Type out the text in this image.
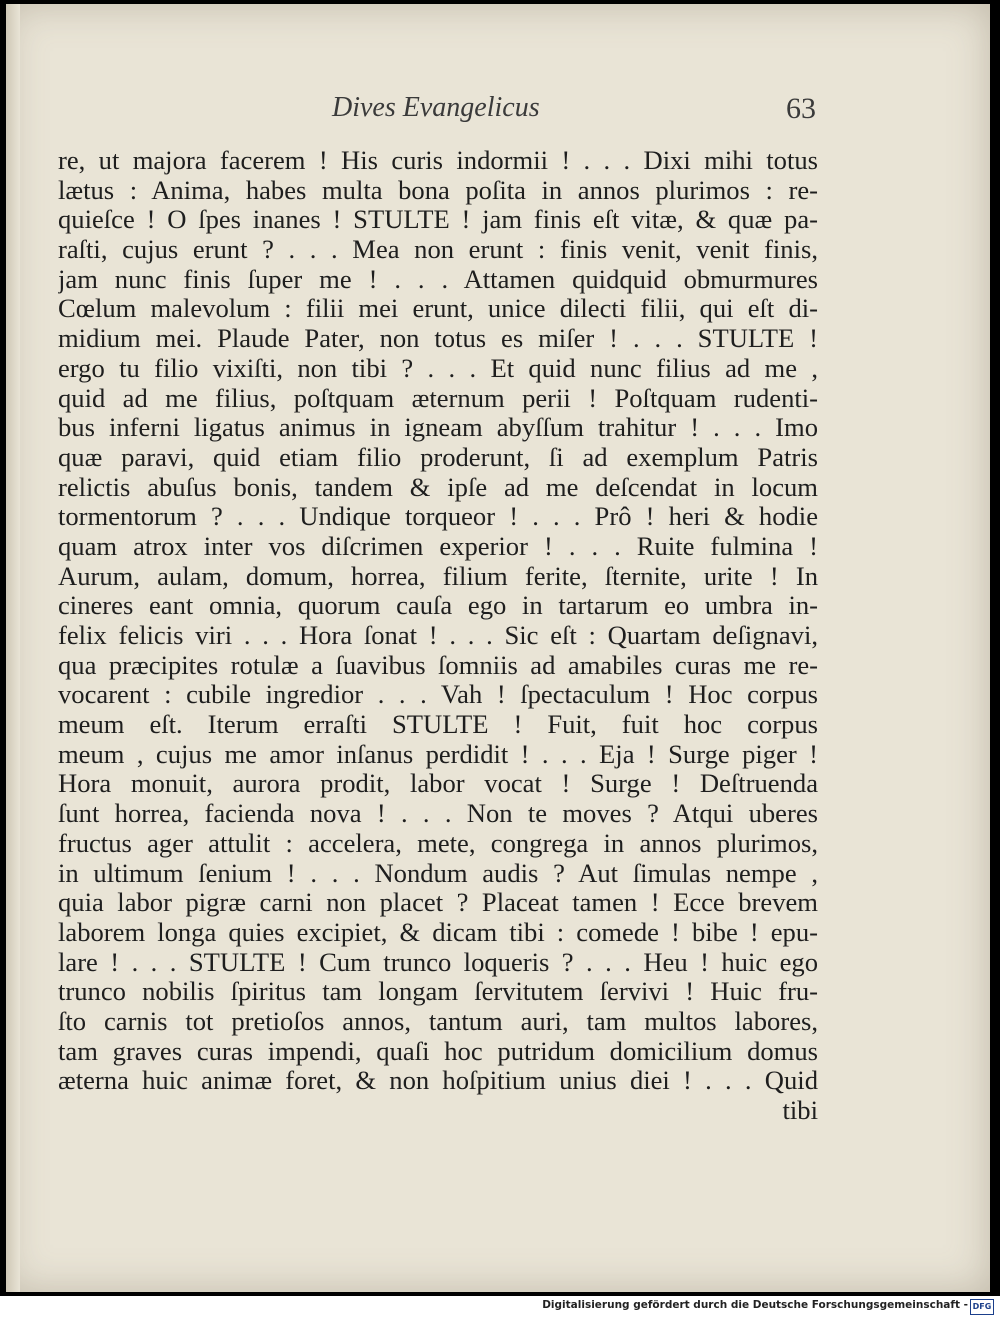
Dives Evangelicus	63
re, ut majora facerem ! His curis indormii ! . . . Dixi mihi totus
lætus : Anima, habes multa bona poſita in annos plurimos : re-
quieſce ! O ſpes inanes ! STULTE ! jam finis eſt vitæ, & quæ pa-
raſti, cujus erunt ? . . . Mea non erunt : finis venit, venit finis,
jam nunc finis ſuper me ! . . . Attamen quidquid obmurmures
Cœlum malevolum : filii mei erunt, unice dilecti filii, qui eſt di-
midium mei. Plaude Pater, non totus es miſer ! . . . STULTE !
ergo tu filio vixiſti, non tibi ? . . . Et quid nunc filius ad me ,
quid ad me filius, poſtquam æternum perii ! Poſtquam rudenti-
bus inferni ligatus animus in igneam abyſſum trahitur ! . . . Imo
quæ paravi, quid etiam filio proderunt, ſi ad exemplum Patris
relictis abuſus bonis, tandem & ipſe ad me deſcendat in locum
tormentorum ? . . . Undique torqueor ! . . . Prô ! heri & hodie
quam atrox inter vos diſcrimen experior ! . . . Ruite fulmina !
Aurum, aulam, domum, horrea, filium ferite, ſternite, urite ! In
cineres eant omnia, quorum cauſa ego in tartarum eo umbra in-
felix felicis viri . . . Hora ſonat ! . . . Sic eſt : Quartam deſignavi,
qua præcipites rotulæ a ſuavibus ſomniis ad amabiles curas me re-
vocarent : cubile ingredior . . . Vah ! ſpectaculum ! Hoc corpus
meum eſt. Iterum erraſti STULTE ! Fuit, fuit hoc corpus
meum , cujus me amor inſanus perdidit ! . . . Eja ! Surge piger !
Hora monuit, aurora prodit, labor vocat ! Surge ! Deſtruenda
ſunt horrea, facienda nova ! . . . Non te moves ? Atqui uberes
fructus ager attulit : accelera, mete, congrega in annos plurimos,
in ultimum ſenium ! . . . Nondum audis ? Aut ſimulas nempe ,
quia labor pigræ carni non placet ? Placeat tamen ! Ecce brevem
laborem longa quies excipiet, & dicam tibi : comede ! bibe ! epu-
lare ! . . . STULTE ! Cum trunco loqueris ? . . . Heu ! huic ego
trunco nobilis ſpiritus tam longam ſervitutem ſervivi ! Huic fru-
ſto carnis tot pretioſos annos, tantum auri, tam multos labores,
tam graves curas impendi, quaſi hoc putridum domicilium domus
æterna huic animæ foret, & non hoſpitium unius diei ! . . . Quid
tibi
Digitalisierung gefördert durch die Deutsche Forschungsgemeinschaft - DFG
